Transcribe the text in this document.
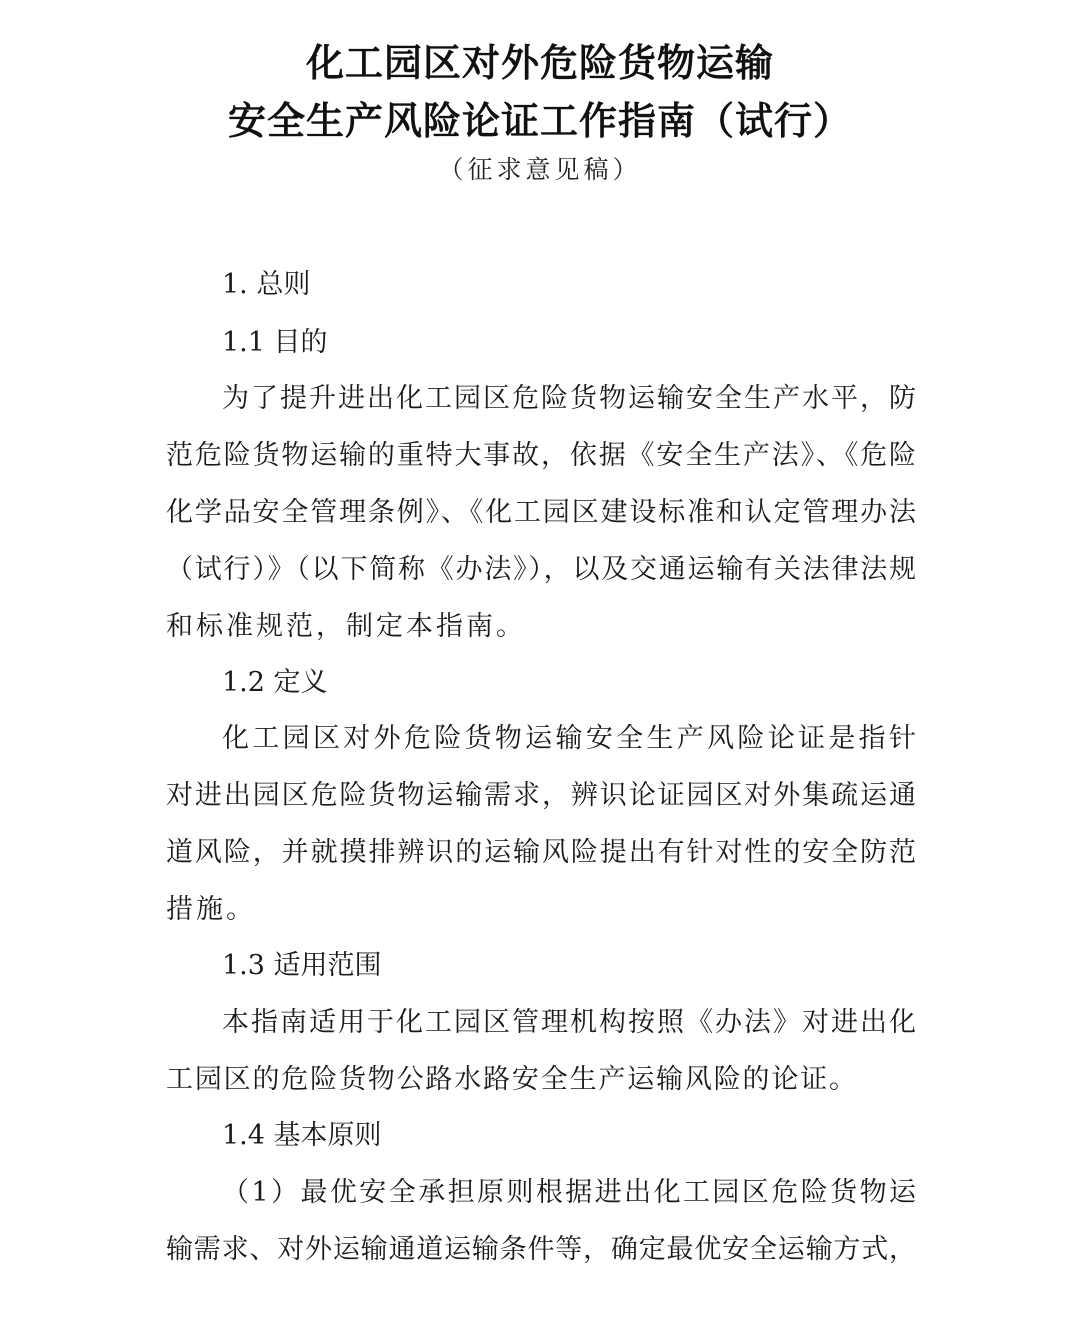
化工园区对外危险货物运输
安全生产风险论证工作指南（试行）
（征求意见稿）
1. 总则
1.1 目的
为了提升进出化工园区危险货物运输安全生产水平，防
范危险货物运输的重特大事故，依据《安全生产法》、《危险
化学品安全管理条例》、《化工园区建设标准和认定管理办法
（试行）》（以下简称《办法》），以及交通运输有关法律法规
和标准规范，制定本指南。
1.2 定义
化工园区对外危险货物运输安全生产风险论证是指针
对进出园区危险货物运输需求，辨识论证园区对外集疏运通
道风险，并就摸排辨识的运输风险提出有针对性的安全防范
措施。
1.3 适用范围
本指南适用于化工园区管理机构按照《办法》对进出化
工园区的危险货物公路水路安全生产运输风险的论证。
1.4 基本原则
（1）最优安全承担原则根据进出化工园区危险货物运
输需求、对外运输通道运输条件等，确定最优安全运输方式，
